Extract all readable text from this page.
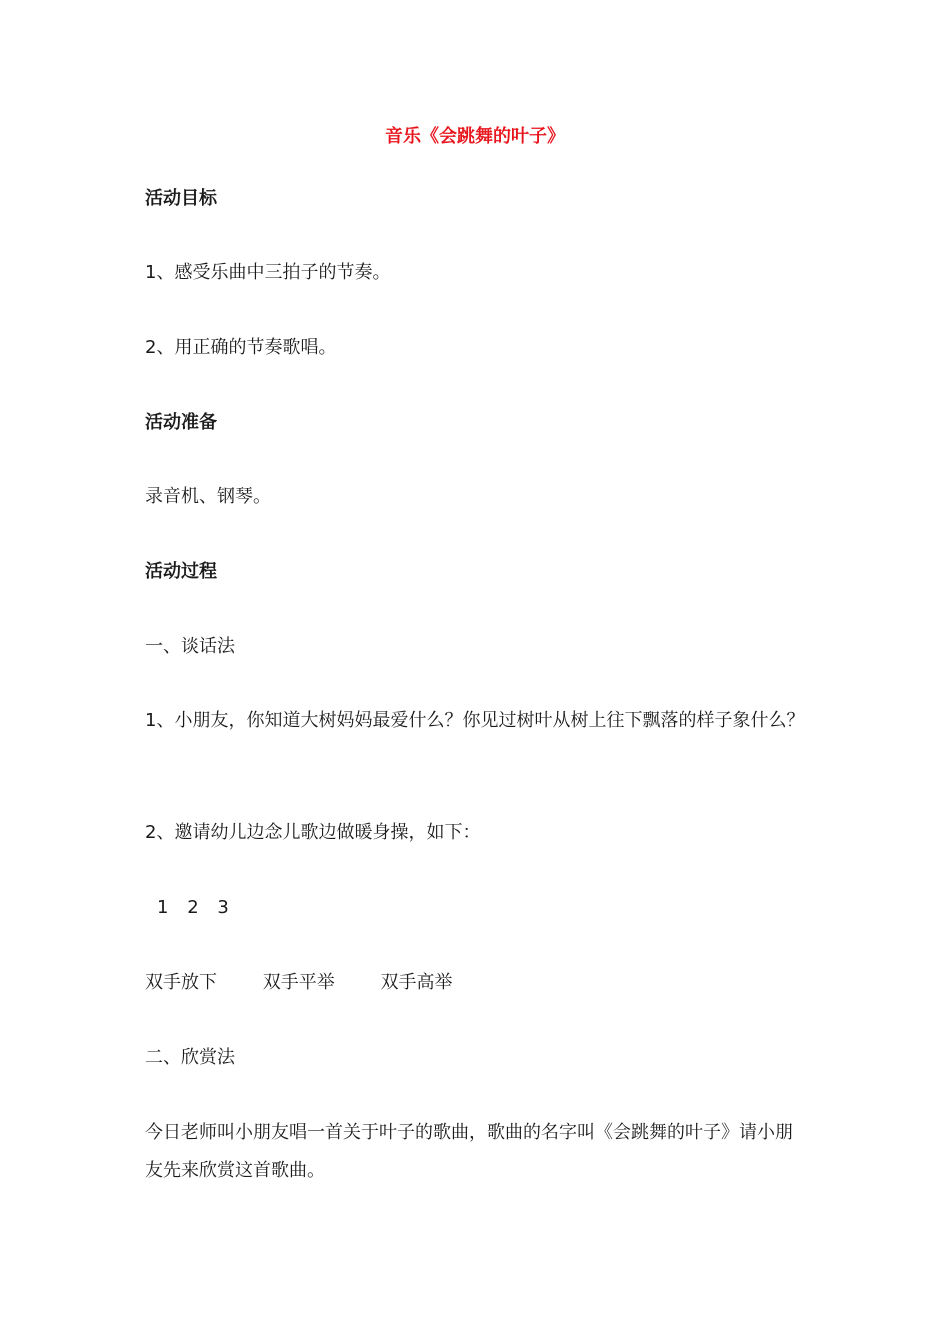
音乐《会跳舞的叶子》

活动目标

1、感受乐曲中三拍子的节奏。

2、用正确的节奏歌唱。

活动准备

录音机、钢琴。

活动过程

一、谈话法

1、小朋友，你知道大树妈妈最爱什么？你见过树叶从树上往下飘落的样子象什么？

2、邀请幼儿边念儿歌边做暖身操，如下：

1 2 3
双手放下	双手平举	双手高举

二、欣赏法

今日老师叫小朋友唱一首关于叶子的歌曲，歌曲的名字叫《会跳舞的叶子》请小朋友先来欣赏这首歌曲。
